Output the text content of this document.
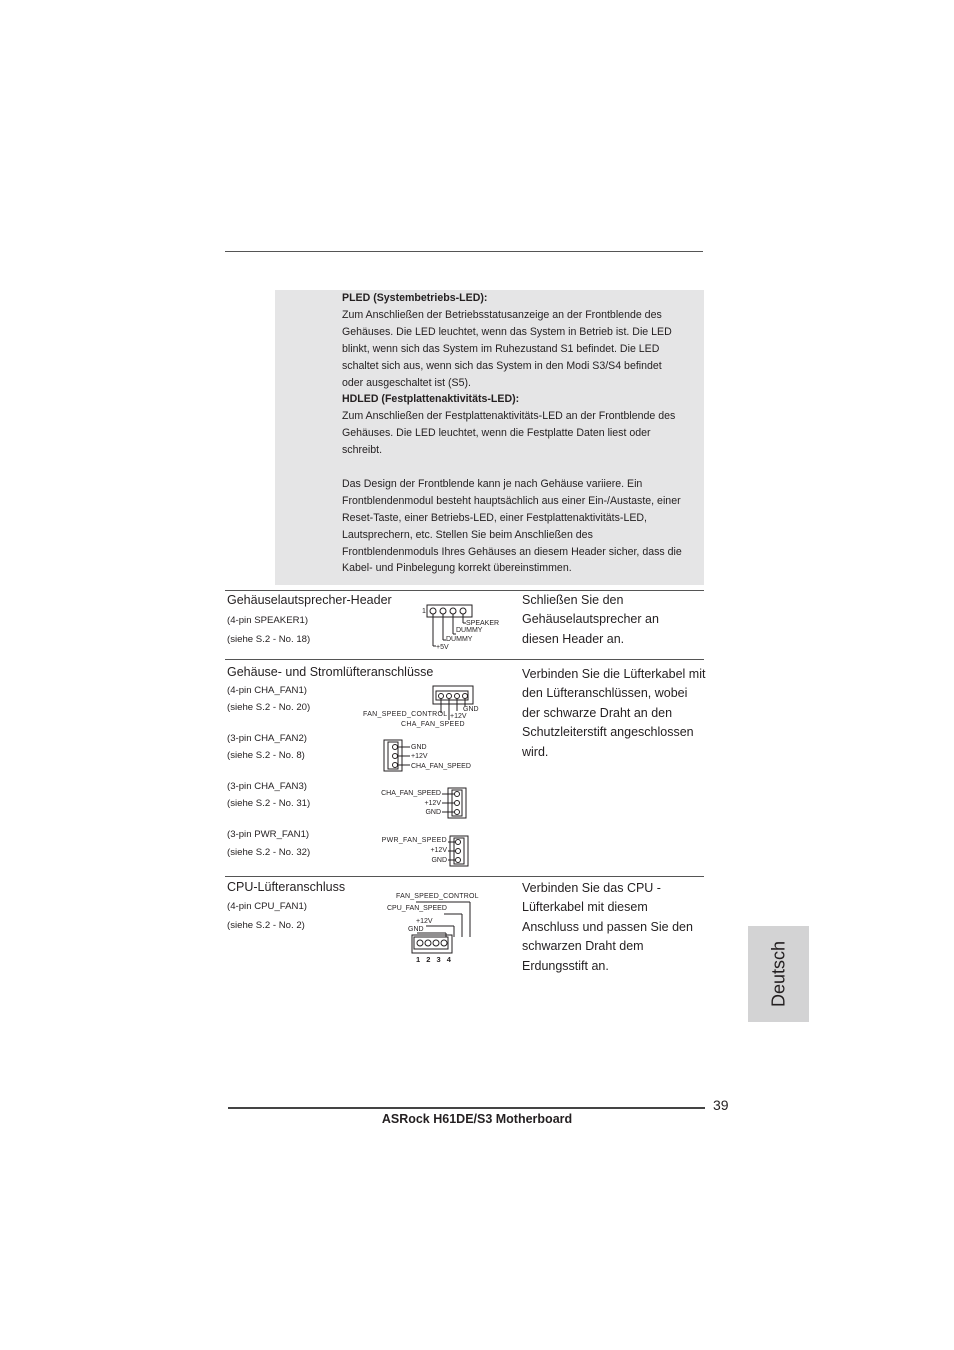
PLED (Systembetriebs-LED):

Zum Anschließen der Betriebsstatusanzeige an der Frontblende des

Gehäuses. Die LED leuchtet, wenn das System in Betrieb ist. Die LED

blinkt, wenn sich das System im Ruhezustand S1 befindet. Die LED

schaltet sich aus, wenn sich das System in den Modi S3/S4 befindet

oder ausgeschaltet ist (S5).

HDLED (Festplattenaktivitäts-LED):

Zum Anschließen der Festplattenaktivitäts-LED an der Frontblende des

Gehäuses. Die LED leuchtet, wenn die Festplatte Daten liest oder

schreibt.

Das Design der Frontblende kann je nach Gehäuse variiere. Ein

Frontblendenmodul besteht hauptsächlich aus einer Ein-/Austaste, einer

Reset-Taste, einer Betriebs-LED, einer Festplattenaktivitäts-LED,

Lautsprechern, etc. Stellen Sie beim Anschließen des

Frontblendenmoduls Ihres Gehäuses an diesem Header sicher, dass die

Kabel- und Pinbelegung korrekt übereinstimmen.

Gehäuselautsprecher-Header
(4-pin SPEAKER1)
(siehe S.2 - No. 18)
Schließen Sie den
Gehäuselautsprecher an
diesen Header an.
1
SPEAKER
DUMMY
DUMMY
+5V
Gehäuse- und Stromlüfteranschlüsse
(4-pin CHA_FAN1)
(siehe S.2 - No. 20)
(3-pin CHA_FAN2)
(siehe S.2 - No. 8)
(3-pin CHA_FAN3)
(siehe S.2 - No. 31)
(3-pin PWR_FAN1)
(siehe S.2 - No. 32)
Verbinden Sie die Lüfterkabel mit
den Lüfteranschlüssen, wobei
der schwarze Draht an den
Schutzleiterstift angeschlossen
wird.
FAN_SPEED_CONTROL +12V
GND
CHA_FAN_SPEED
GND
+12V
CHA_FAN_SPEED
CHA_FAN_SPEED
+12V
GND
PWR_FAN_SPEED
+12V
GND
CPU-Lüfteranschluss
(4-pin CPU_FAN1)
(siehe S.2 - No. 2)
Verbinden Sie das CPU -
Lüfterkabel mit diesem
Anschluss und passen Sie den
schwarzen Draht dem
Erdungsstift an.
FAN_SPEED_CONTROL
CPU_FAN_SPEED
+12V
GND
1 2 3 4	Deutsch
39
ASRock H61DE/S3 Motherboard
